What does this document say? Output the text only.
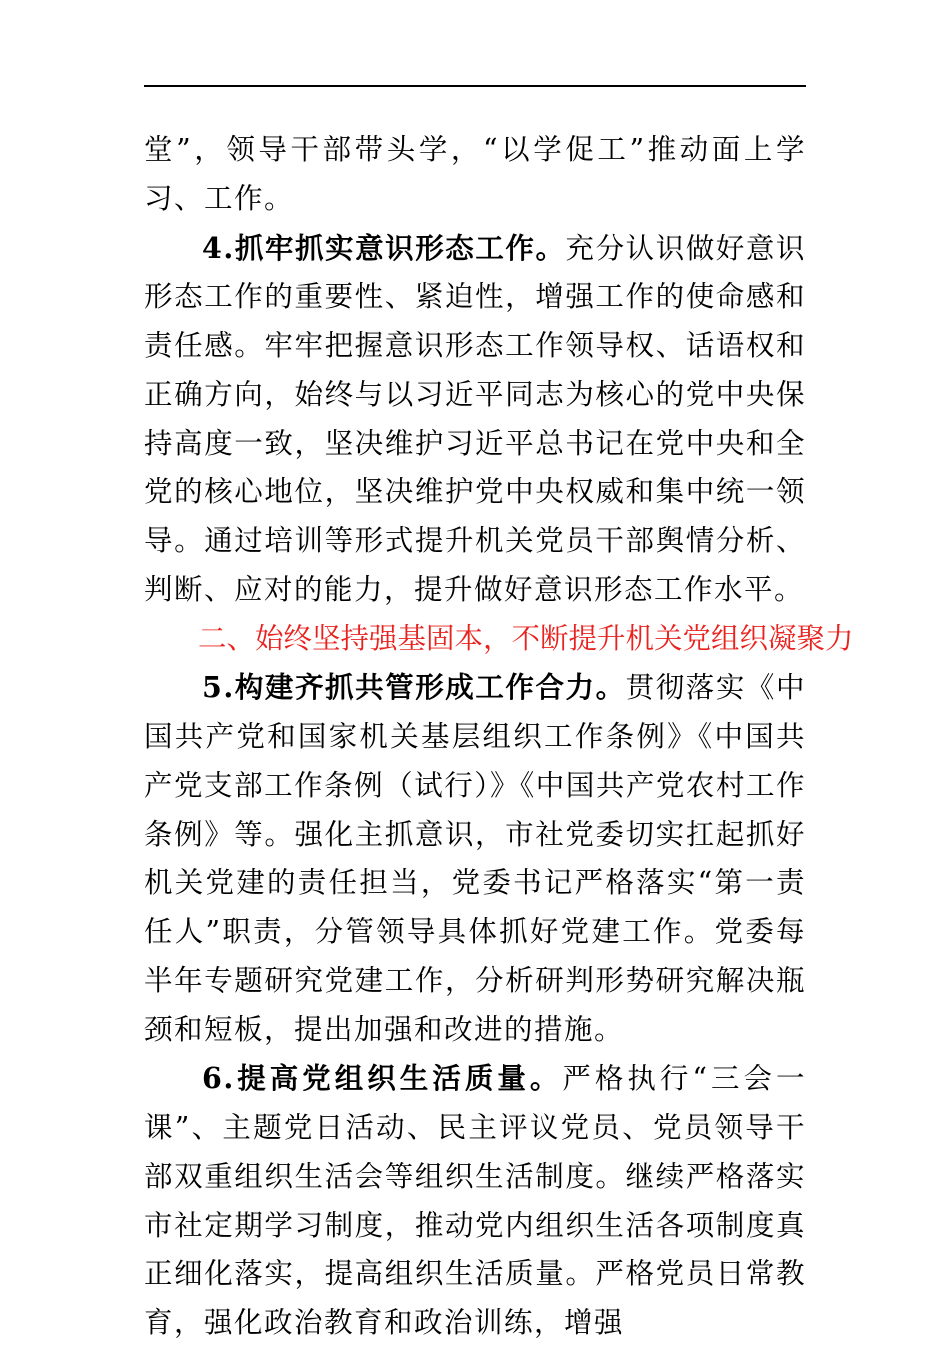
堂”，领导干部带头学，“以学促工”推动面上学习、工作。

4.抓牢抓实意识形态工作。充分认识做好意识形态工作的重要性、紧迫性，增强工作的使命感和责任感。牢牢把握意识形态工作领导权、话语权和正确方向，始终与以习近平同志为核心的党中央保持高度一致，坚决维护习近平总书记在党中央和全党的核心地位，坚决维护党中央权威和集中统一领导。通过培训等形式提升机关党员干部舆情分析、判断、应对的能力，提升做好意识形态工作水平。

二、始终坚持强基固本，不断提升机关党组织凝聚力

5.构建齐抓共管形成工作合力。贯彻落实《中国共产党和国家机关基层组织工作条例》《中国共产党支部工作条例（试行）》《中国共产党农村工作条例》等。强化主抓意识，市社党委切实扛起抓好机关党建的责任担当，党委书记严格落实“第一责任人”职责，分管领导具体抓好党建工作。党委每半年专题研究党建工作，分析研判形势研究解决瓶颈和短板，提出加强和改进的措施。

6.提高党组织生活质量。严格执行“三会一课”、主题党日活动、民主评议党员、党员领导干部双重组织生活会等组织生活制度。继续严格落实市社定期学习制度，推动党内组织生活各项制度真正细化落实，提高组织生活质量。严格党员日常教育，强化政治教育和政治训练，增强
